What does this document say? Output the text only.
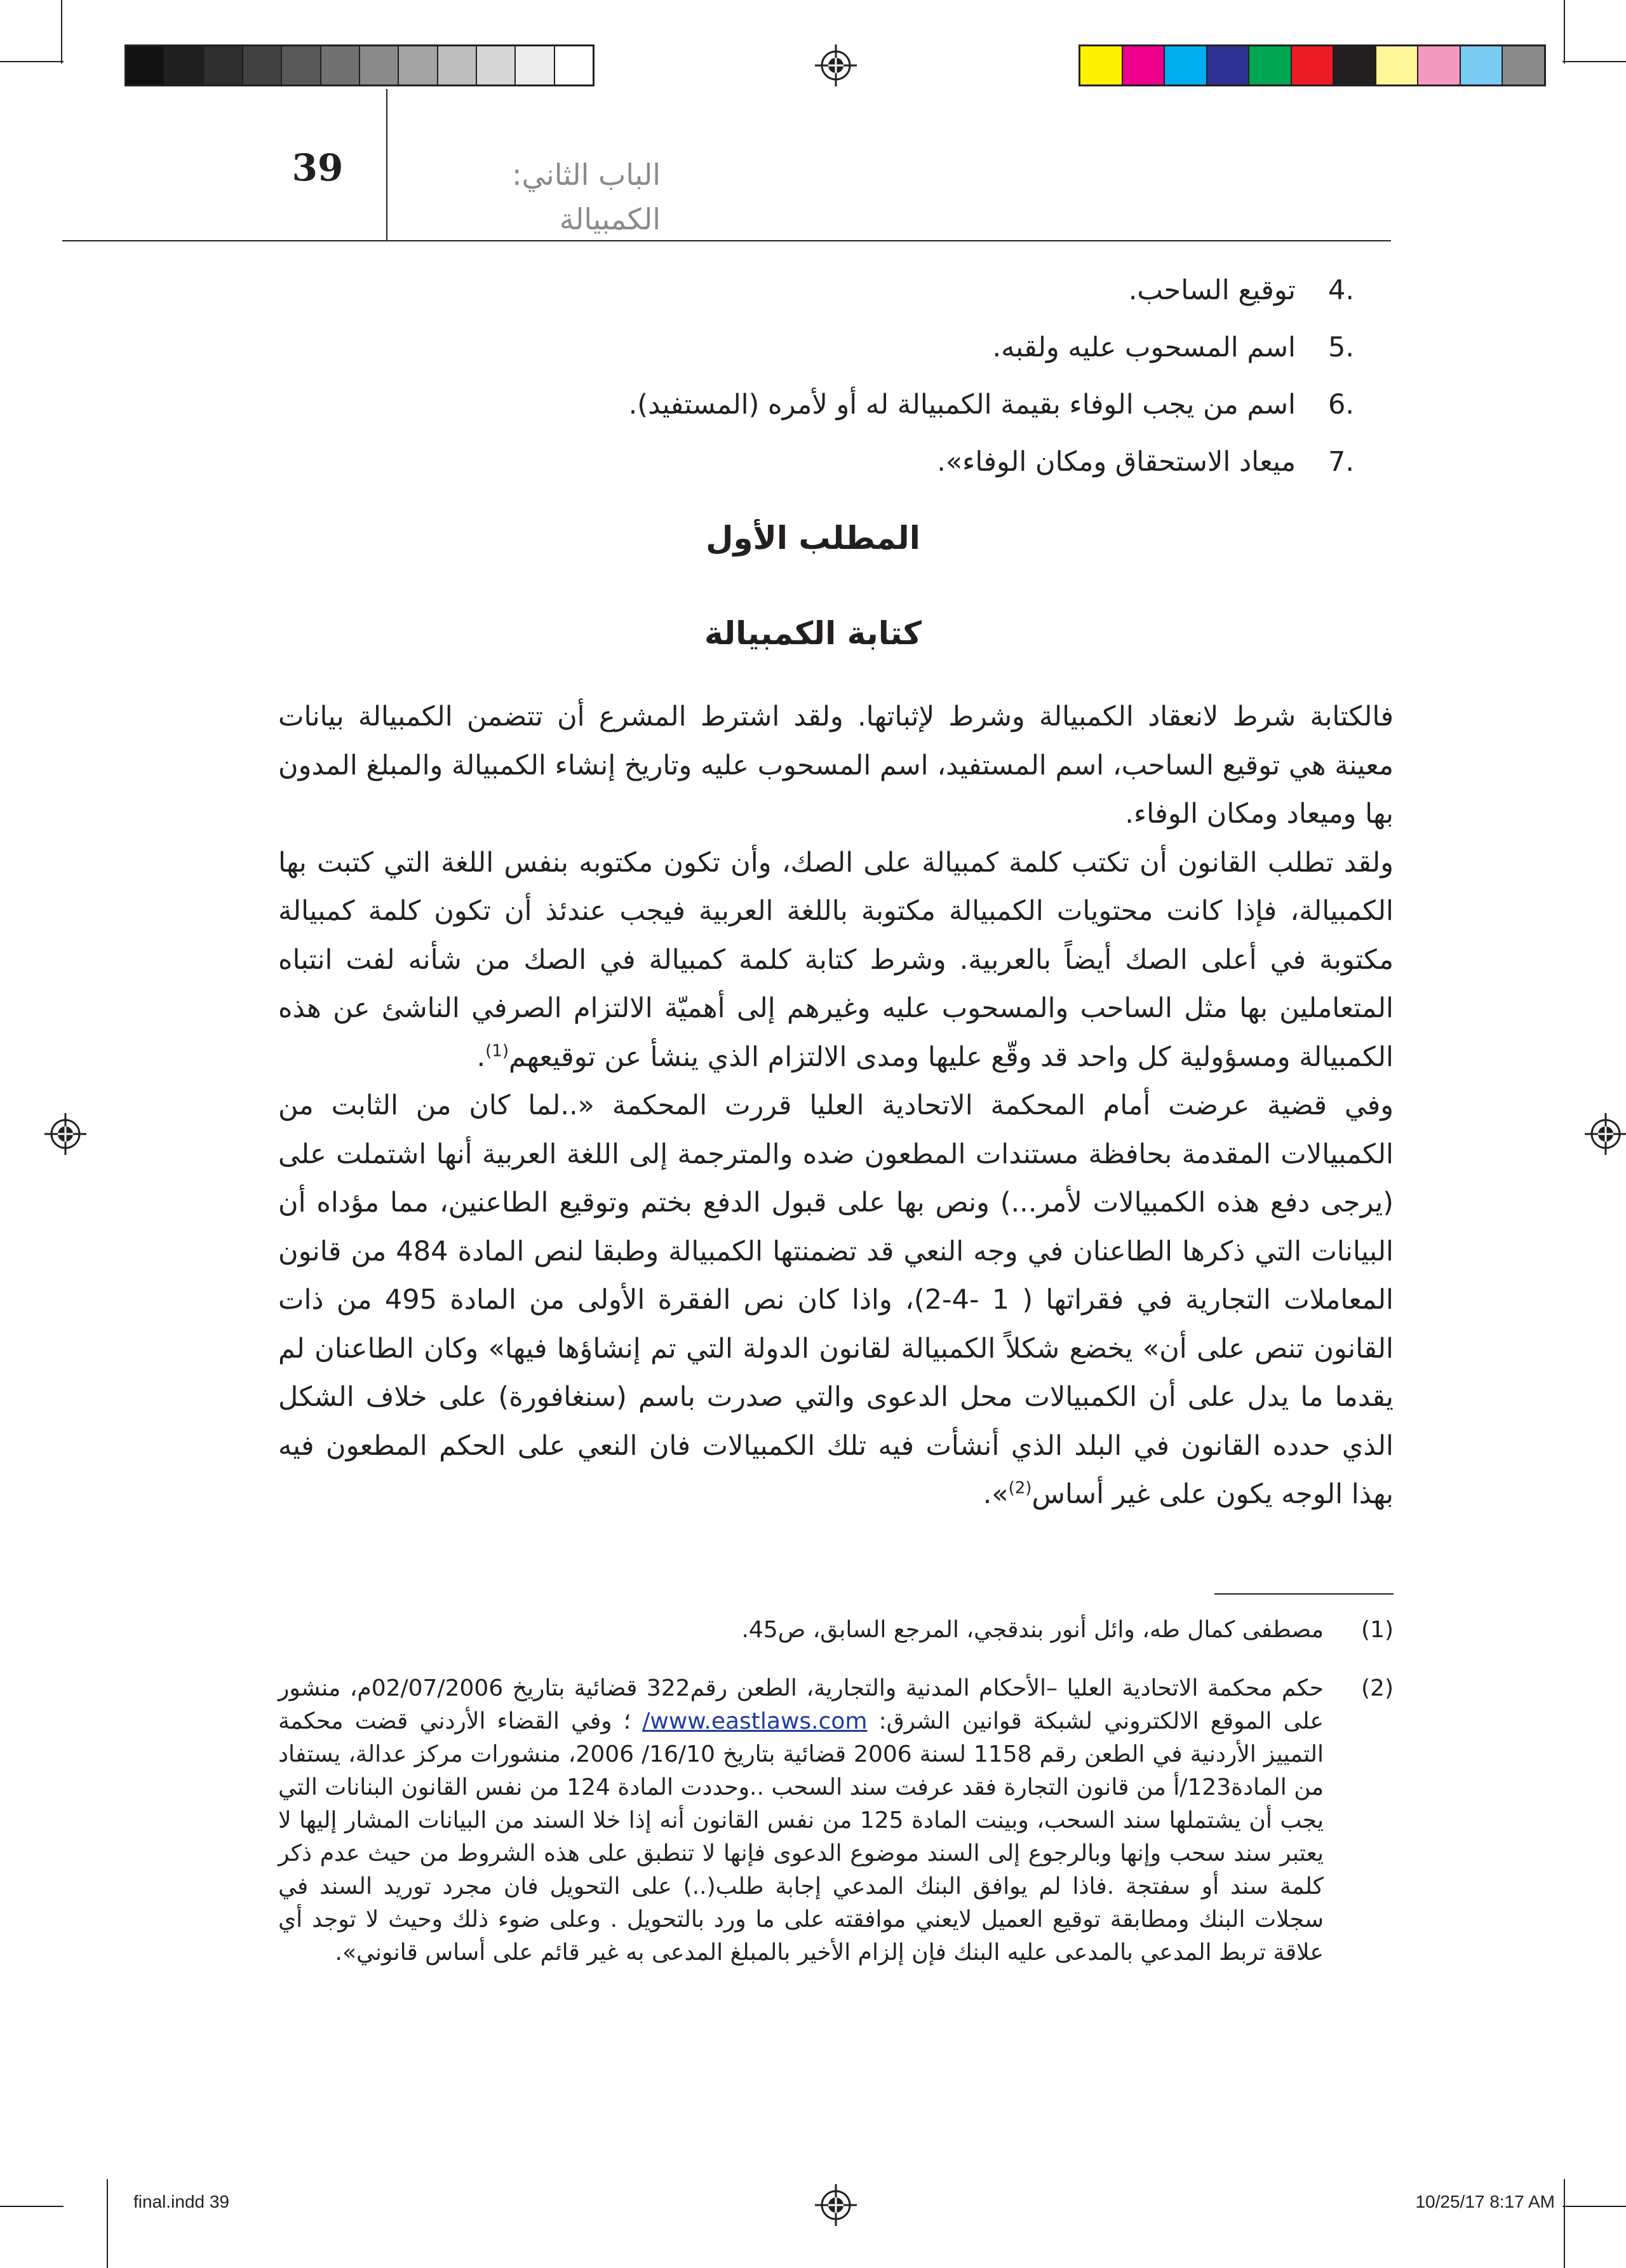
39	الباب الثاني:
الكمبيالة
.4
توقيع الساحب.
.5
اسم المسحوب عليه ولقبه.
.6
اسم من يجب الوفاء بقيمة الكمبيالة له أو لأمره (المستفيد).
.7
ميعاد الاستحقاق ومكان الوفاء».
المطلب الأول
كتابة الكمبيالة

فالكتابة شرط لانعقاد الكمبيالة وشرط لإثباتها. ولقد اشترط المشرع أن تتضمن الكمبيالة بيانات معينة هي توقيع الساحب، اسم المستفيد، اسم المسحوب عليه وتاريخ إنشاء الكمبيالة والمبلغ المدون بها وميعاد ومكان الوفاء.

ولقد تطلب القانون أن تكتب كلمة كمبيالة على الصك، وأن تكون مكتوبه بنفس اللغة التي كتبت بها الكمبيالة، فإذا كانت محتويات الكمبيالة مكتوبة باللغة العربية فيجب عندئذ أن تكون كلمة كمبيالة مكتوبة في أعلى الصك أيضاً بالعربية. وشرط كتابة كلمة كمبيالة في الصك من شأنه لفت انتباه المتعاملين بها مثل الساحب والمسحوب عليه وغيرهم إلى أهميّة الالتزام الصرفي الناشئ عن هذه الكمبيالة ومسؤولية كل واحد قد وقّع عليها ومدى الالتزام الذي ينشأ عن توقيعهم$^{(1)}$.

وفي قضية عرضت أمام المحكمة الاتحادية العليا قررت المحكمة «..لما كان من الثابت من الكمبيالات المقدمة بحافظة مستندات المطعون ضده والمترجمة إلى اللغة العربية أنها اشتملت على (يرجى دفع هذه الكمبيالات لأمر...) ونص بها على قبول الدفع بختم وتوقيع الطاعنين، مما مؤداه أن البيانات التي ذكرها الطاعنان في وجه النعي قد تضمنتها الكمبيالة وطبقا لنص المادة 484 من قانون المعاملات التجارية في فقراتها ( 1 -4-2)، واذا كان نص الفقرة الأولى من المادة 495 من ذات القانون تنص على أن» يخضع شكلاً الكمبيالة لقانون الدولة التي تم إنشاؤها فيها» وكان الطاعنان لم يقدما ما يدل على أن الكمبيالات محل الدعوى والتي صدرت باسم (سنغافورة) على خلاف الشكل الذي حدده القانون في البلد الذي أنشأت فيه تلك الكمبيالات فان النعي على الحكم المطعون فيه بهذا الوجه يكون على غير أساس$^{(2)}$».

(1)
مصطفى كمال طه، وائل أنور بندقجي، المرجع السابق، ص45.
(2)
حكم محكمة الاتحادية العليا –الأحكام المدنية والتجارية، الطعن رقم322 قضائية بتاريخ 02/07/2006م، منشور على الموقع الالكتروني لشبكة قوانين الشرق: www.eastlaws.com/ ؛ وفي القضاء الأردني قضت محكمة التمييز الأردنية في الطعن رقم 1158 لسنة 2006 قضائية بتاريخ 16/10/ 2006، منشورات مركز عدالة، يستفاد من المادة123/أ من قانون التجارة فقد عرفت سند السحب ..وحددت المادة 124 من نفس القانون البنانات التي يجب أن يشتملها سند السحب، وبينت المادة 125 من نفس القانون أنه إذا خلا السند من البيانات المشار إليها لا يعتبر سند سحب وإنها وبالرجوع إلى السند موضوع الدعوى فإنها لا تنطبق على هذه الشروط من حيث عدم ذكر كلمة سند أو سفتجة .فاذا لم يوافق البنك المدعي إجابة طلب(..) على التحويل فان مجرد توريد السند في سجلات البنك ومطابقة توقيع العميل لايعني موافقته على ما ورد بالتحويل . وعلى ضوء ذلك وحيث لا توجد أي علاقة تربط المدعي بالمدعى عليه البنك فإن إلزام الأخير بالمبلغ المدعى به غير قائم على أساس قانوني».
final.indd 39	10/25/17 8:17 AM
